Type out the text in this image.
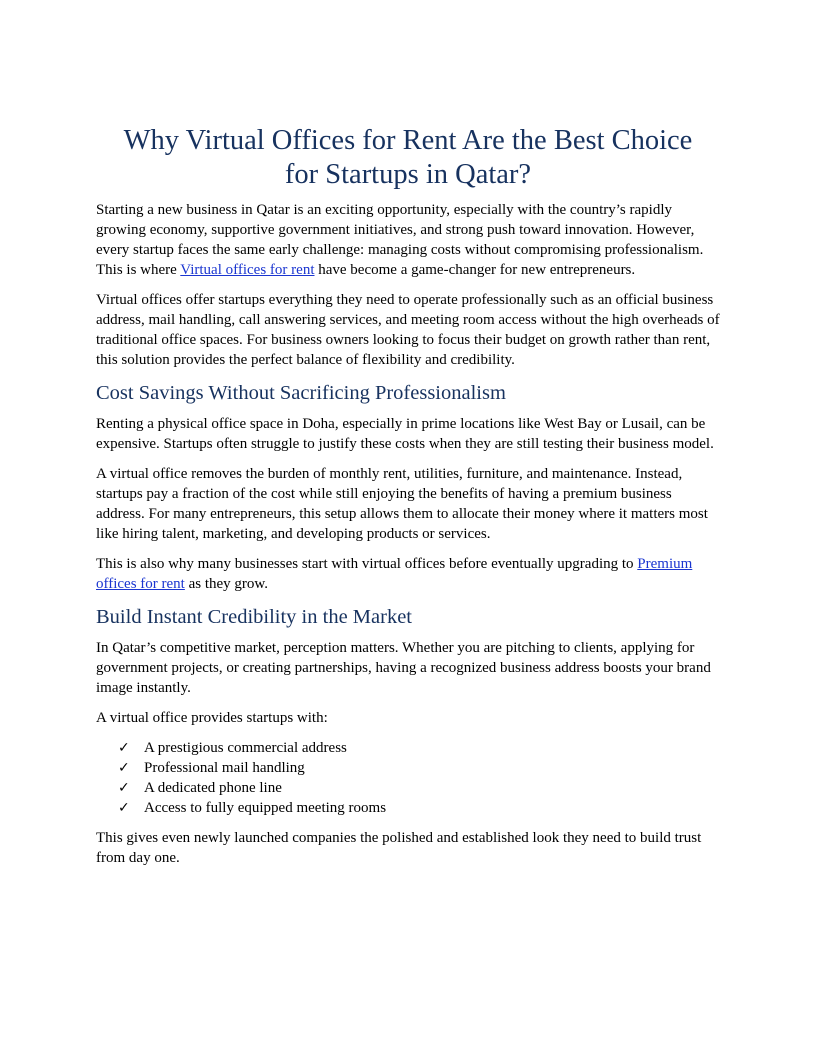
Why Virtual Offices for Rent Are the Best Choice for Startups in Qatar?

Starting a new business in Qatar is an exciting opportunity, especially with the country’s rapidly growing economy, supportive government initiatives, and strong push toward innovation. However, every startup faces the same early challenge: managing costs without compromising professionalism. This is where Virtual offices for rent have become a game-changer for new entrepreneurs.

Virtual offices offer startups everything they need to operate professionally such as an official business address, mail handling, call answering services, and meeting room access without the high overheads of traditional office spaces. For business owners looking to focus their budget on growth rather than rent, this solution provides the perfect balance of flexibility and credibility.

Cost Savings Without Sacrificing Professionalism

Renting a physical office space in Doha, especially in prime locations like West Bay or Lusail, can be expensive. Startups often struggle to justify these costs when they are still testing their business model.

A virtual office removes the burden of monthly rent, utilities, furniture, and maintenance. Instead, startups pay a fraction of the cost while still enjoying the benefits of having a premium business address. For many entrepreneurs, this setup allows them to allocate their money where it matters most like hiring talent, marketing, and developing products or services.

This is also why many businesses start with virtual offices before eventually upgrading to Premium offices for rent as they grow.

Build Instant Credibility in the Market

In Qatar’s competitive market, perception matters. Whether you are pitching to clients, applying for government projects, or creating partnerships, having a recognized business address boosts your brand image instantly.

A virtual office provides startups with:

✓ A prestigious commercial address
✓ Professional mail handling
✓ A dedicated phone line
✓ Access to fully equipped meeting rooms

This gives even newly launched companies the polished and established look they need to build trust from day one.
